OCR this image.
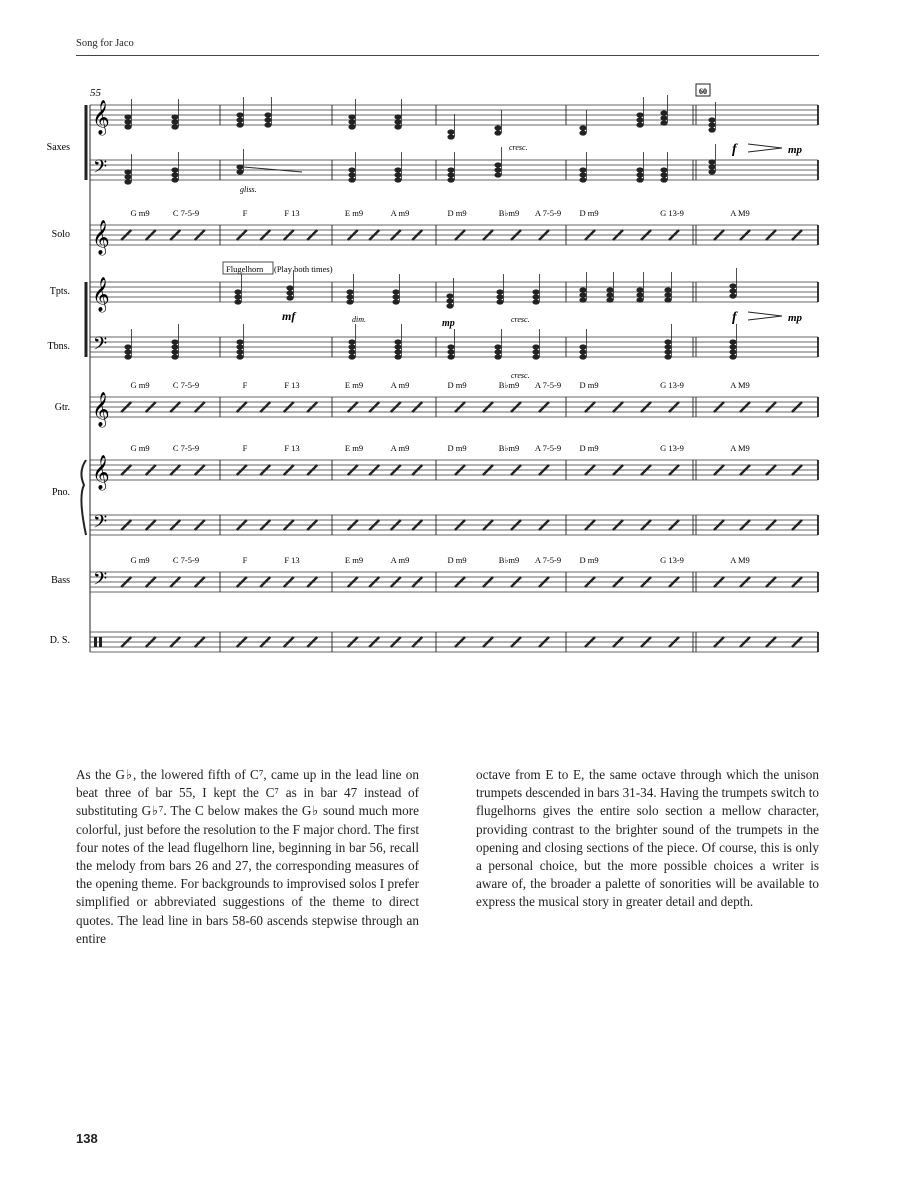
Song for Jaco
𝄞
𝄢
𝄞
𝄞
𝄢
𝄞
𝄞
𝄢
𝄢
Saxes
Solo
Tpts.
Tbns.
Gtr.
Pno.
Bass
D. S.
55	60
G m9	C 7-5-9	F	F 13	E m9	A m9	D m9	B♭m9 A 7-5-9 D m9	G 13-9	A M9
G m9	C 7-5-9	F	F 13	E m9	A m9	D m9	B♭m9 A 7-5-9 D m9	G 13-9	A M9
G m9	C 7-5-9	F	F 13	E m9	A m9	D m9	B♭m9 A 7-5-9 D m9	G 13-9	A M9
G m9	C 7-5-9	F	F 13	E m9	A m9	D m9	B♭m9 A 7-5-9 D m9	G 13-9	A M9
Flugelhorn (Play both times)
gliss.
cresc.
cresc.
cresc.
dim.
mf
mp
f	mp
f	mp
As the G♭, the lowered fifth of C⁷, came up in the lead line on beat three of bar 55, I kept the C⁷ as in bar 47 instead of substituting G♭⁷. The C below makes the G♭ sound much more colorful, just before the resolution to the F major chord. The first four notes of the lead flugelhorn line, beginning in bar 56, recall the melody from bars 26 and 27, the corresponding measures of the opening theme. For backgrounds to improvised solos I prefer simplified or abbreviated suggestions of the theme to direct quotes. The lead line in bars 58-60 ascends stepwise through an entire
octave from E to E, the same octave through which the unison trumpets descended in bars 31-34. Having the trumpets switch to flugelhorns gives the entire solo section a mellow character, providing contrast to the brighter sound of the trumpets in the opening and closing sections of the piece. Of course, this is only a personal choice, but the more possible choices a writer is aware of, the broader a palette of sonorities will be available to express the musical story in greater detail and depth.
138
